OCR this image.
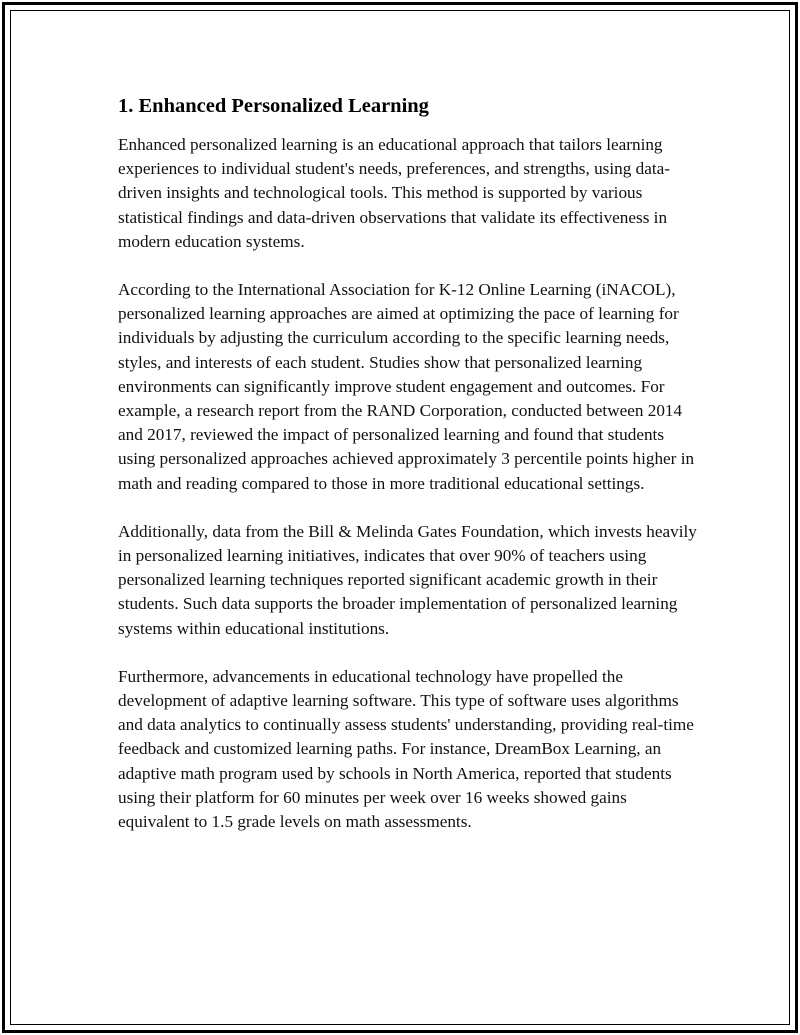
1. Enhanced Personalized Learning

Enhanced personalized learning is an educational approach that tailors learning experiences to individual student's needs, preferences, and strengths, using data-driven insights and technological tools. This method is supported by various statistical findings and data-driven observations that validate its effectiveness in modern education systems.

According to the International Association for K-12 Online Learning (iNACOL), personalized learning approaches are aimed at optimizing the pace of learning for individuals by adjusting the curriculum according to the specific learning needs, styles, and interests of each student. Studies show that personalized learning environments can significantly improve student engagement and outcomes. For example, a research report from the RAND Corporation, conducted between 2014 and 2017, reviewed the impact of personalized learning and found that students using personalized approaches achieved approximately 3 percentile points higher in math and reading compared to those in more traditional educational settings.

Additionally, data from the Bill & Melinda Gates Foundation, which invests heavily in personalized learning initiatives, indicates that over 90% of teachers using personalized learning techniques reported significant academic growth in their students. Such data supports the broader implementation of personalized learning systems within educational institutions.

Furthermore, advancements in educational technology have propelled the development of adaptive learning software. This type of software uses algorithms and data analytics to continually assess students' understanding, providing real-time feedback and customized learning paths. For instance, DreamBox Learning, an adaptive math program used by schools in North America, reported that students using their platform for 60 minutes per week over 16 weeks showed gains equivalent to 1.5 grade levels on math assessments.
